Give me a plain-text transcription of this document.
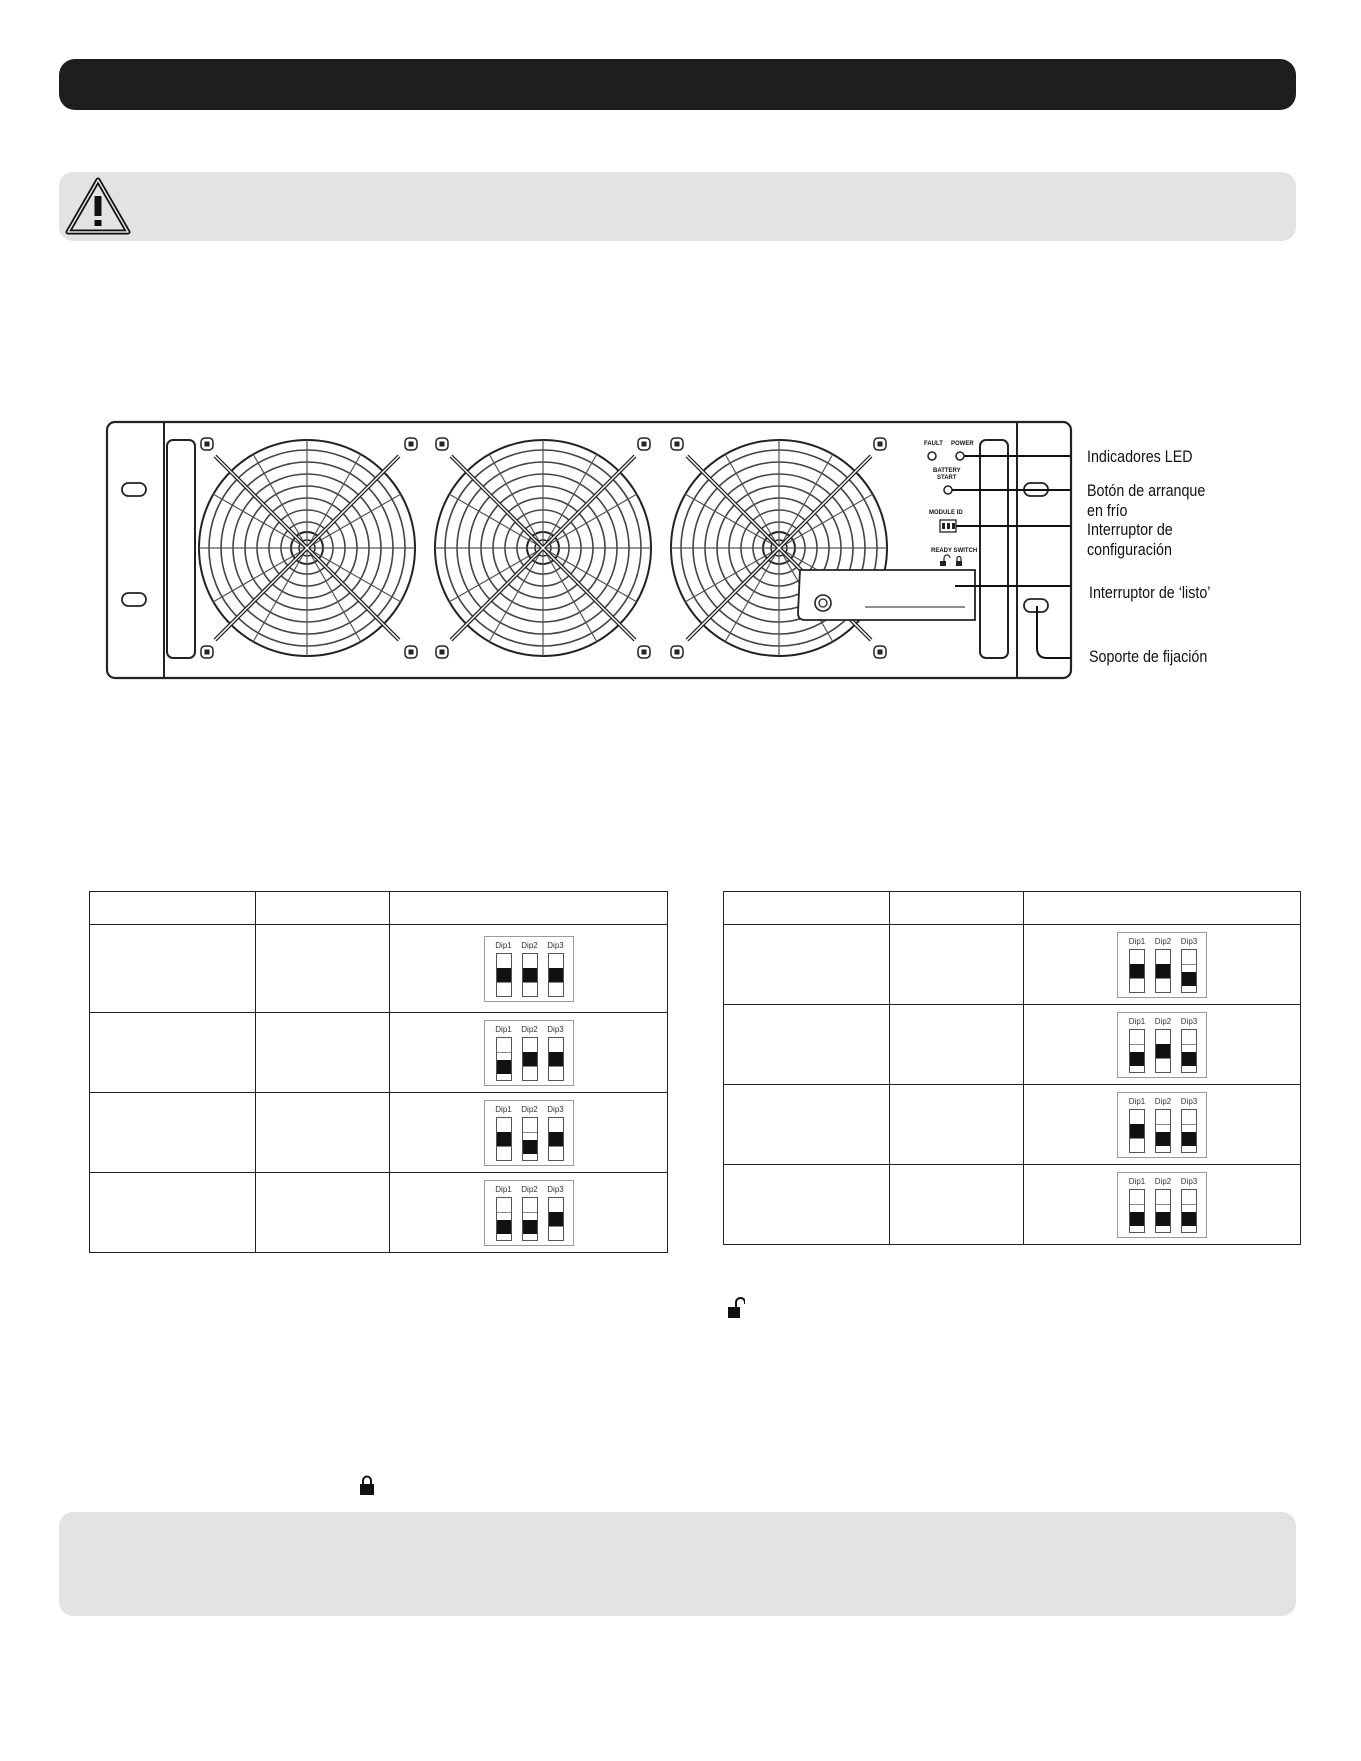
FAULT POWER
BATTERY
START
MODULE ID
READY SWITCH
Indicadores LED
Botón de arranque
en frío
Interruptor de
configuración
Interruptor de ‘listo’
Soporte de fijación

		Dip1 Dip2 Dip3

		Dip1 Dip2 Dip3

		Dip1 Dip2 Dip3

		Dip1 Dip2 Dip3

		Dip1 Dip2 Dip3

		Dip1 Dip2 Dip3

		Dip1 Dip2 Dip3

		Dip1 Dip2 Dip3
